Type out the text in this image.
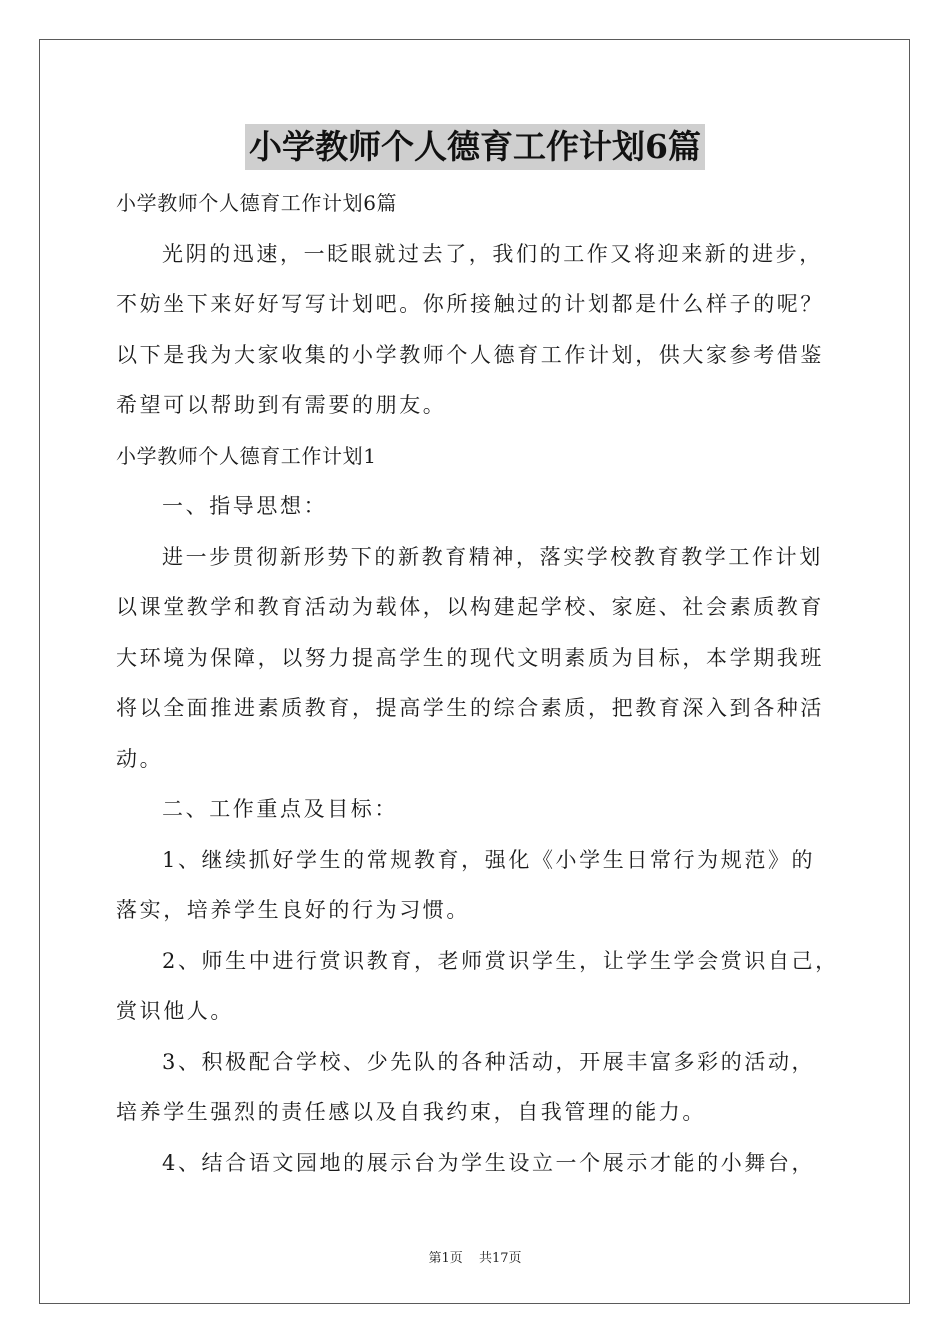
小学教师个人德育工作计划6篇
小学教师个人德育工作计划6篇
光阴的迅速，一眨眼就过去了，我们的工作又将迎来新的进步，
不妨坐下来好好写写计划吧。你所接触过的计划都是什么样子的呢？
以下是我为大家收集的小学教师个人德育工作计划，供大家参考借鉴
希望可以帮助到有需要的朋友。
小学教师个人德育工作计划1
一、指导思想：
进一步贯彻新形势下的新教育精神，落实学校教育教学工作计划
以课堂教学和教育活动为载体，以构建起学校、家庭、社会素质教育
大环境为保障，以努力提高学生的现代文明素质为目标，本学期我班
将以全面推进素质教育，提高学生的综合素质，把教育深入到各种活
动。
二、工作重点及目标：
1、继续抓好学生的常规教育，强化《小学生日常行为规范》的
落实，培养学生良好的行为习惯。
2、师生中进行赏识教育，老师赏识学生，让学生学会赏识自己，
赏识他人。
3、积极配合学校、少先队的各种活动，开展丰富多彩的活动，
培养学生强烈的责任感以及自我约束，自我管理的能力。
4、结合语文园地的展示台为学生设立一个展示才能的小舞台，
第1页 共17页
